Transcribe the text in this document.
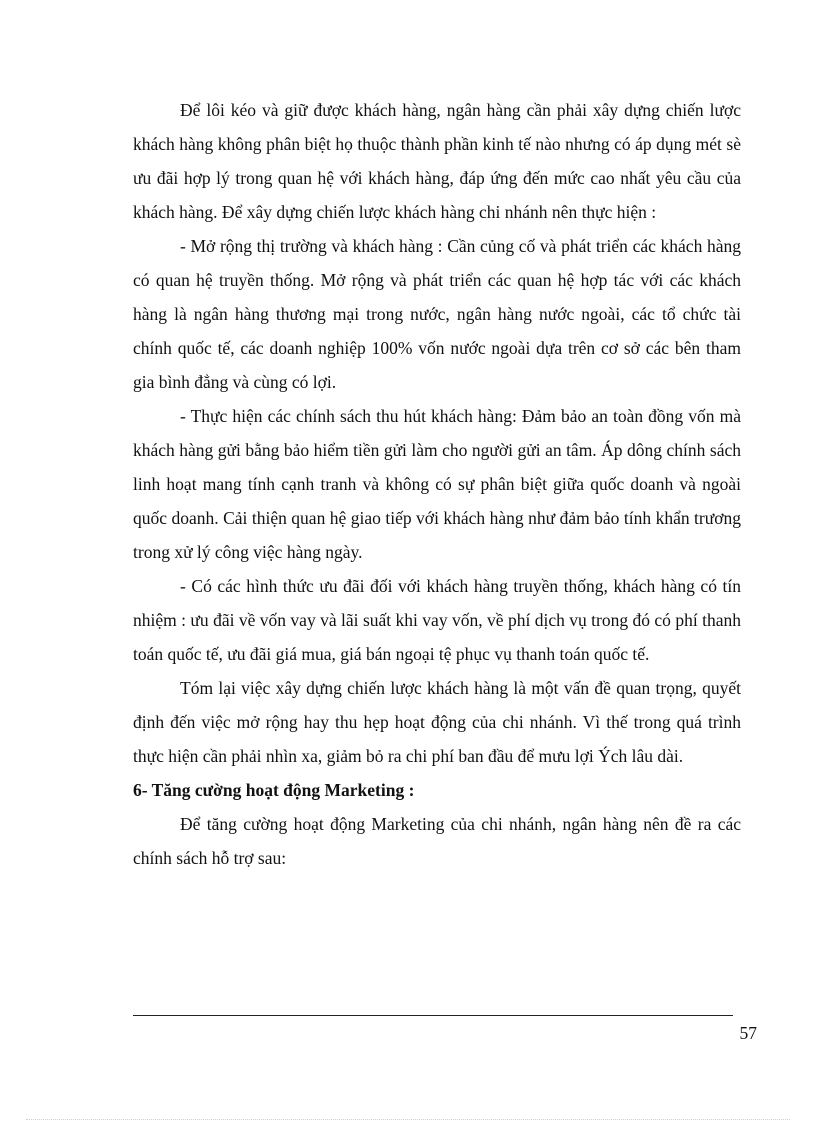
Để lôi kéo và giữ được khách hàng, ngân hàng cần phải xây dựng chiến lược khách hàng không phân biệt họ thuộc thành phần kinh tế nào nhưng có áp dụng mét sè ưu đãi hợp lý trong quan hệ với khách hàng, đáp ứng đến mức cao nhất yêu cầu của khách hàng. Để xây dựng chiến lược khách hàng chi nhánh nên thực hiện :

- Mở rộng thị trường và khách hàng : Cần củng cố và phát triển các khách hàng có quan hệ truyền thống. Mở rộng và phát triển các quan hệ hợp tác với các khách hàng là ngân hàng thương mại trong nước, ngân hàng nước ngoài, các tổ chức tài chính quốc tế, các doanh nghiệp 100% vốn nước ngoài dựa trên cơ sở các bên tham gia bình đẳng và cùng có lợi.

- Thực hiện các chính sách thu hút khách hàng: Đảm bảo an toàn đồng vốn mà khách hàng gửi bằng bảo hiểm tiền gửi làm cho người gửi an tâm. Áp dông chính sách linh hoạt mang tính cạnh tranh và không có sự phân biệt giữa quốc doanh và ngoài quốc doanh. Cải thiện quan hệ giao tiếp với khách hàng như đảm bảo tính khẩn trương trong xử lý công việc hàng ngày.

- Có các hình thức ưu đãi đối với khách hàng truyền thống, khách hàng có tín nhiệm : ưu đãi về vốn vay và lãi suất khi vay vốn, về phí dịch vụ trong đó có phí thanh toán quốc tế, ưu đãi giá mua, giá bán ngoại tệ phục vụ thanh toán quốc tế.

Tóm lại việc xây dựng chiến lược khách hàng là một vấn đề quan trọng, quyết định đến việc mở rộng hay thu hẹp hoạt động của chi nhánh. Vì thế trong quá trình thực hiện cần phải nhìn xa, giảm bỏ ra chi phí ban đầu để mưu lợi Ých lâu dài.

6- Tăng cường hoạt động Marketing :

Để tăng cường hoạt động Marketing của chi nhánh, ngân hàng nên đề ra các chính sách hỗ trợ sau:

57
